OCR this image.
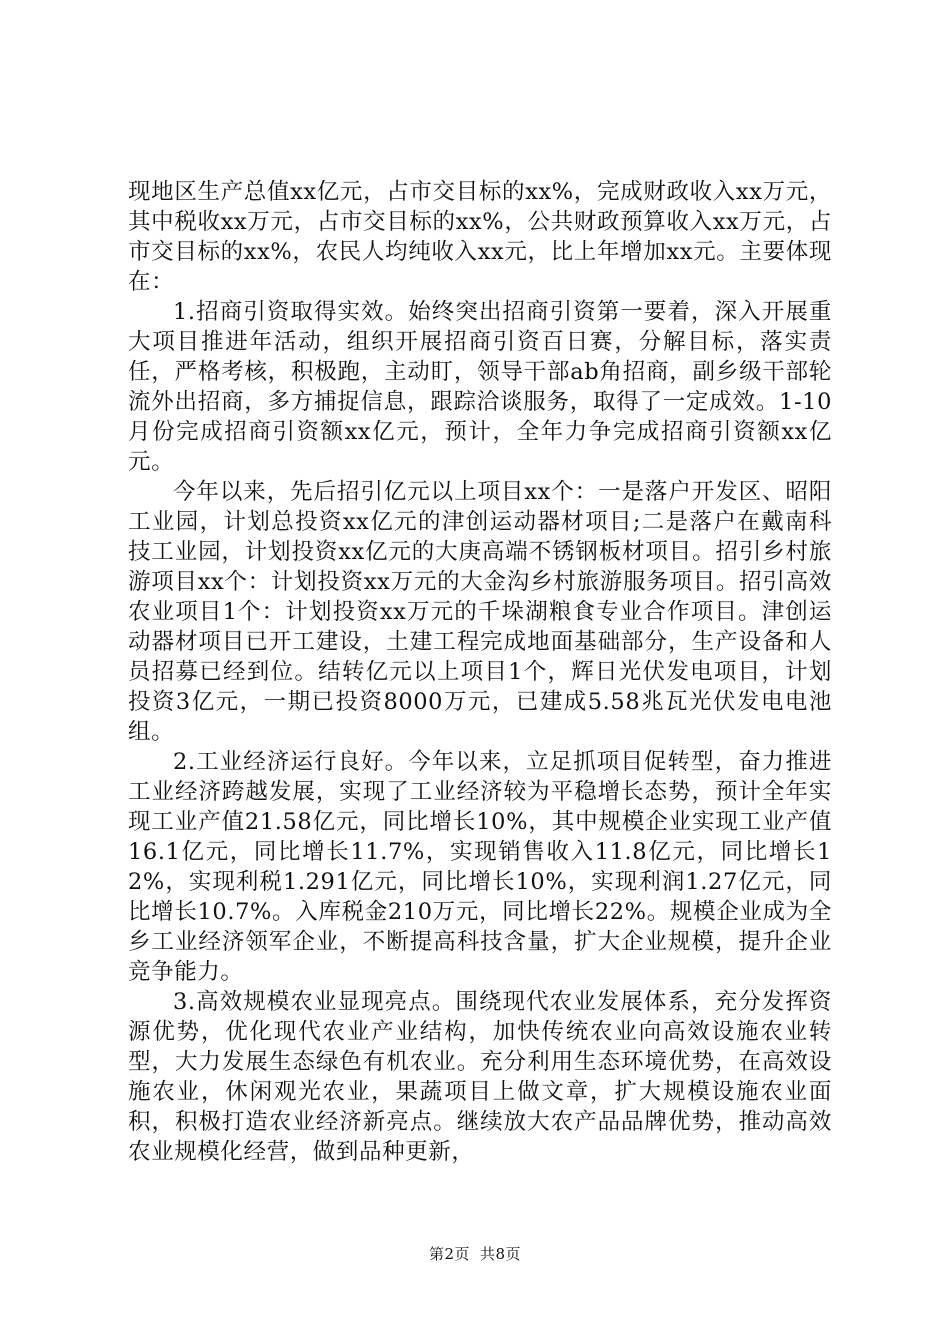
现地区生产总值xx亿元，占市交目标的xx%，完成财政收入xx万元，其中税收xx万元，占市交目标的xx%，公共财政预算收入xx万元，占市交目标的xx%，农民人均纯收入xx元，比上年增加xx元。主要体现在：

1.招商引资取得实效。始终突出招商引资第一要着，深入开展重大项目推进年活动，组织开展招商引资百日赛，分解目标，落实责任，严格考核，积极跑，主动盯，领导干部ab角招商，副乡级干部轮流外出招商，多方捕捉信息，跟踪洽谈服务，取得了一定成效。1-10月份完成招商引资额xx亿元，预计，全年力争完成招商引资额xx亿元。

今年以来，先后招引亿元以上项目xx个：一是落户开发区、昭阳工业园，计划总投资xx亿元的津创运动器材项目;二是落户在戴南科技工业园，计划投资xx亿元的大庚高端不锈钢板材项目。招引乡村旅游项目xx个：计划投资xx万元的大金沟乡村旅游服务项目。招引高效农业项目1个：计划投资xx万元的千垛湖粮食专业合作项目。津创运动器材项目已开工建设，土建工程完成地面基础部分，生产设备和人员招募已经到位。结转亿元以上项目1个，辉日光伏发电项目，计划投资3亿元，一期已投资8000万元，已建成5.58兆瓦光伏发电电池组。

2.工业经济运行良好。今年以来，立足抓项目促转型，奋力推进工业经济跨越发展，实现了工业经济较为平稳增长态势，预计全年实现工业产值21.58亿元，同比增长10%，其中规模企业实现工业产值16.1亿元，同比增长11.7%，实现销售收入11.8亿元，同比增长12%，实现利税1.291亿元，同比增长10%，实现利润1.27亿元，同比增长10.7%。入库税金210万元，同比增长22%。规模企业成为全乡工业经济领军企业，不断提高科技含量，扩大企业规模，提升企业竞争能力。

3.高效规模农业显现亮点。围绕现代农业发展体系，充分发挥资源优势，优化现代农业产业结构，加快传统农业向高效设施农业转型，大力发展生态绿色有机农业。充分利用生态环境优势，在高效设施农业，休闲观光农业，果蔬项目上做文章，扩大规模设施农业面积，积极打造农业经济新亮点。继续放大农产品品牌优势，推动高效农业规模化经营，做到品种更新，

第2页 共8页
